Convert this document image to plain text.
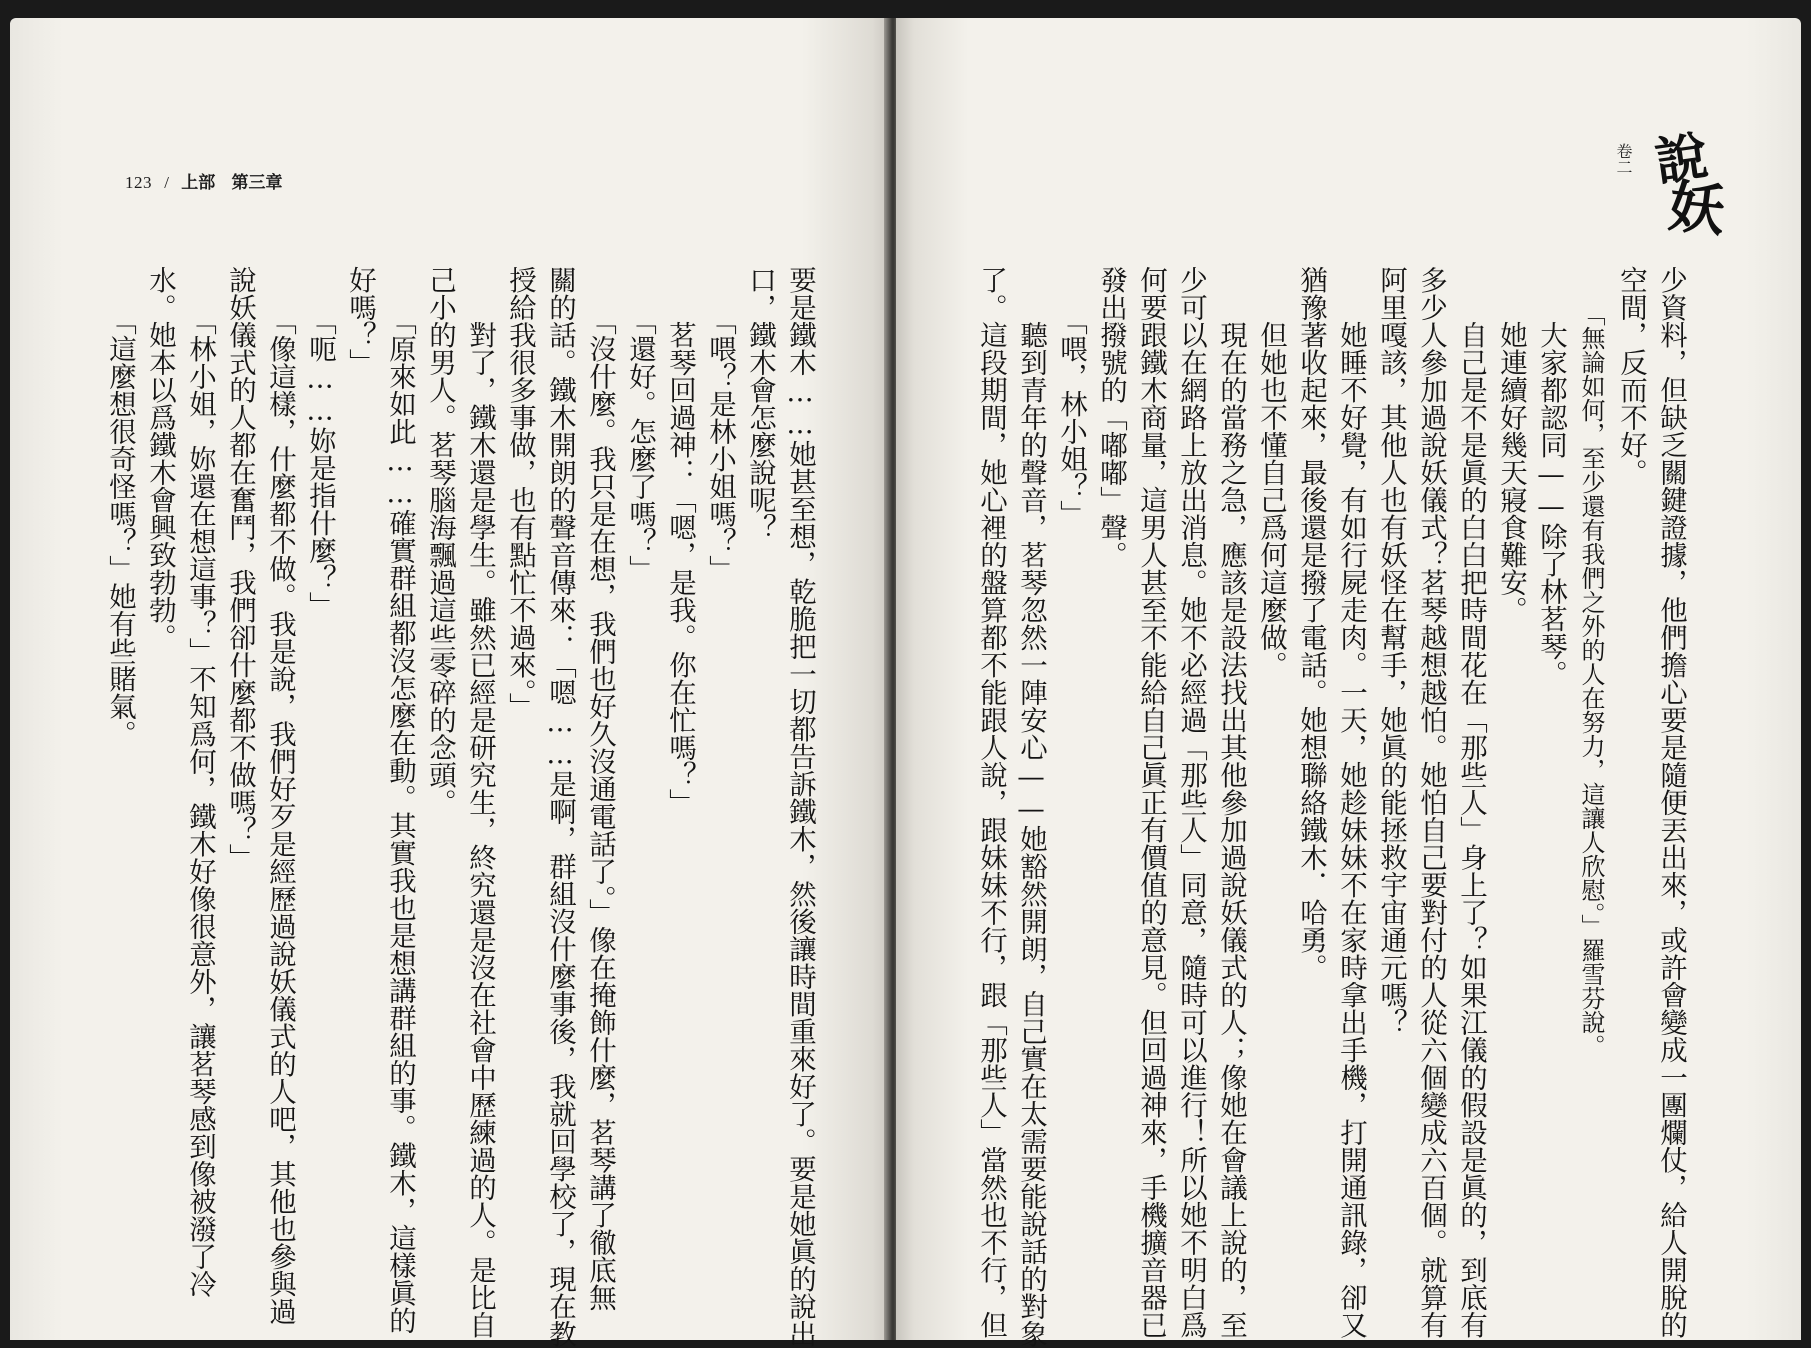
123 / 上部 第三章
要是鐵木……她甚至想，乾脆把一切都告訴鐵木，然後讓時間重來好了。要是她眞的說出
口，鐵木會怎麼說呢？
　　「喂？是林小姐嗎？」
　　茗琴回過神：「嗯，是我。你在忙嗎？」
　　「還好。怎麼了嗎？」
　　「沒什麼。我只是在想，我們也好久沒通電話了。」像在掩飾什麼，茗琴講了徹底無
關的話。鐵木開朗的聲音傳來：「嗯……是啊，群組沒什麼事後，我就回學校了，現在教
授給我很多事做，也有點忙不過來。」
　　對了，鐵木還是學生。雖然已經是研究生，終究還是沒在社會中歷練過的人。是比自
己小的男人。茗琴腦海飄過這些零碎的念頭。
　　「原來如此……確實群組都沒怎麼在動。其實我也是想講群組的事。鐵木，這樣眞的
好嗎？」
　　「呃……妳是指什麼？」
　　「像這樣，什麼都不做。我是說，我們好歹是經歷過說妖儀式的人吧，其他也參與過
說妖儀式的人都在奮鬥，我們卻什麼都不做嗎？」
　　「林小姐，妳還在想這事？」不知爲何，鐵木好像很意外，讓茗琴感到像被潑了冷
水。她本以爲鐵木會興致勃勃。
　　「這麼想很奇怪嗎？」她有些賭氣。
說
妖
卷二
少資料，但缺乏關鍵證據，他們擔心要是隨便丟出來，或許會變成一團爛仗，給人開脫的
空間，反而不好。
　　「無論如何，至少還有我們之外的人在努力，這讓人欣慰。」羅雪芬說。
　　大家都認同——除了林茗琴。
　　她連續好幾天寢食難安。
　　自己是不是眞的白白把時間花在「那些人」身上了？如果江儀的假設是眞的，到底有
多少人參加過說妖儀式？茗琴越想越怕。她怕自己要對付的人從六個變成六百個。就算有
阿里嘎該，其他人也有妖怪在幫手，她眞的能拯救宇宙通元嗎？
　　她睡不好覺，有如行屍走肉。一天，她趁妹妹不在家時拿出手機，打開通訊錄，卻又
猶豫著收起來，最後還是撥了電話。她想聯絡鐵木．哈勇。
　　但她也不懂自己爲何這麼做。
　　現在的當務之急，應該是設法找出其他參加過說妖儀式的人；像她在會議上說的，至
少可以在網路上放出消息。她不必經過「那些人」同意，隨時可以進行！所以她不明白爲
何要跟鐵木商量，這男人甚至不能給自己眞正有價值的意見。但回過神來，手機擴音器已
發出撥號的「嘟嘟」聲。
　　「喂，林小姐？」
　　聽到青年的聲音，茗琴忽然一陣安心——她豁然開朗，自己實在太需要能說話的對象
了。這段期間，她心裡的盤算都不能跟人說，跟妹妹不行，跟「那些人」當然也不行，但
